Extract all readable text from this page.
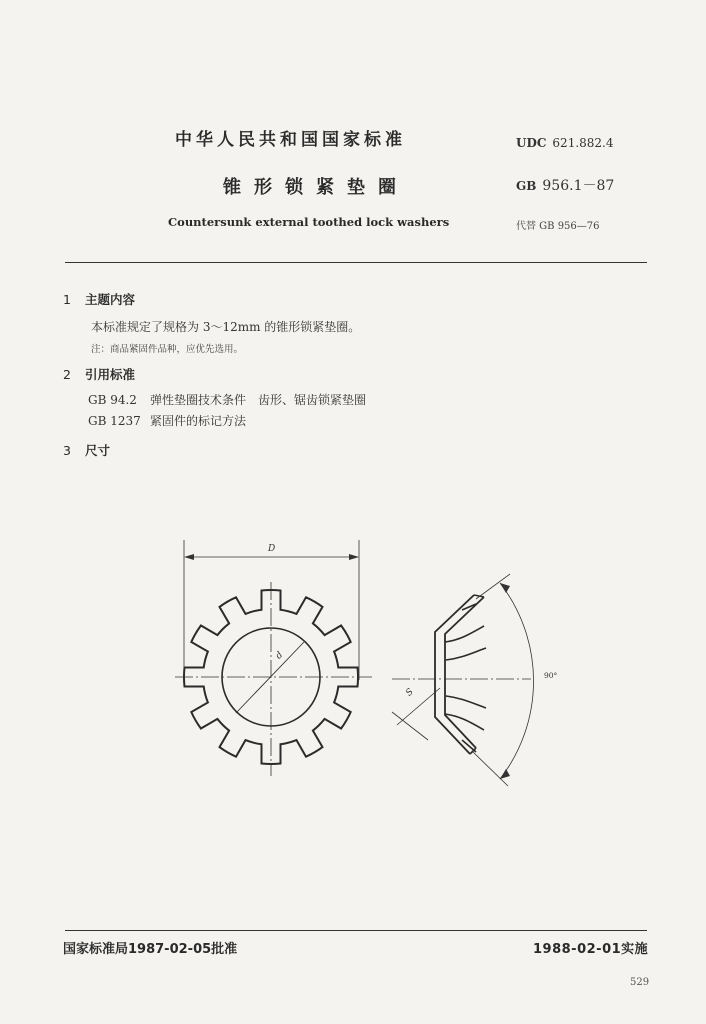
中华人民共和国国家标准
锥形锁紧垫圈
Countersunk external toothed lock washers
UDC 621.882.4
GB 956.1－87
代替 GB 956—76
1 主题内容
本标准规定了规格为 3～12mm 的锥形锁紧垫圈。
注：商品紧固件品种，应优先选用。
2 引用标准
GB 94.2 弹性垫圈技术条件　齿形、锯齿锁紧垫圈
GB 1237 紧固件的标记方法
3 尺寸
D
d
90°
S
国家标准局1987-02-05批准	1988-02-01实施
529
